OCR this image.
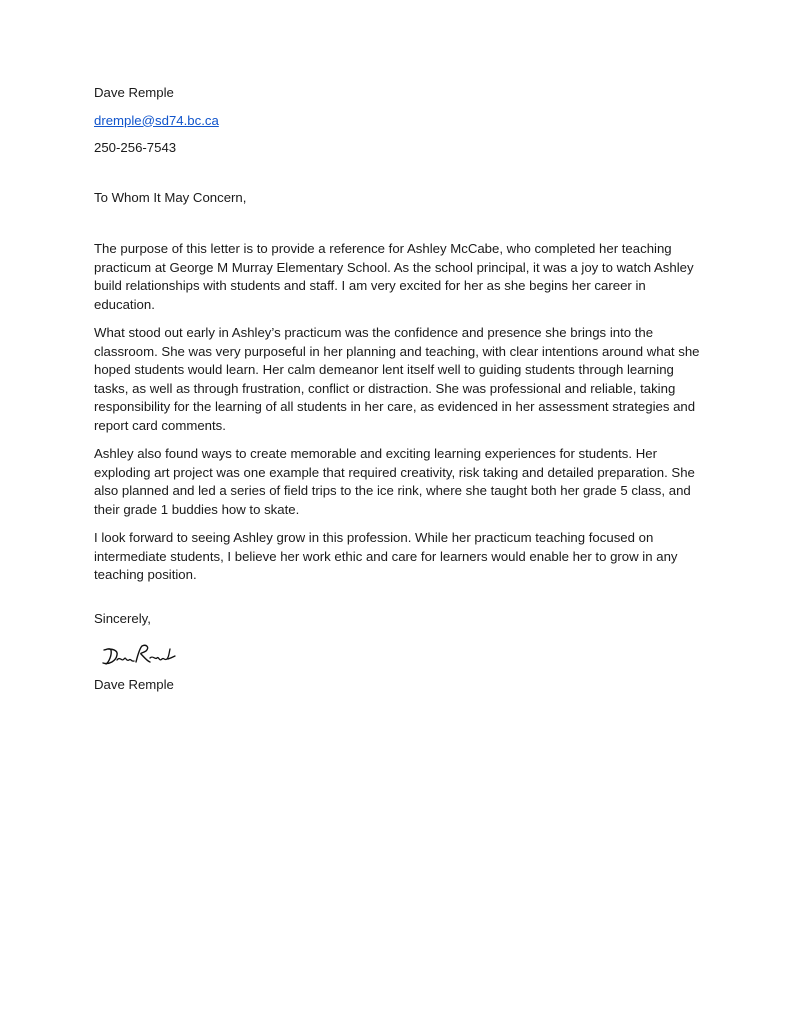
Dave Remple

dremple@sd74.bc.ca

250-256-7543

To Whom It May Concern,

The purpose of this letter is to provide a reference for Ashley McCabe, who completed her teaching

practicum at George M Murray Elementary School. As the school principal, it was a joy to watch Ashley

build relationships with students and staff. I am very excited for her as she begins her career in

education.

What stood out early in Ashley’s practicum was the confidence and presence she brings into the

classroom. She was very purposeful in her planning and teaching, with clear intentions around what she

hoped students would learn. Her calm demeanor lent itself well to guiding students through learning

tasks, as well as through frustration, conflict or distraction. She was professional and reliable, taking

responsibility for the learning of all students in her care, as evidenced in her assessment strategies and

report card comments.

Ashley also found ways to create memorable and exciting learning experiences for students. Her

exploding art project was one example that required creativity, risk taking and detailed preparation. She

also planned and led a series of field trips to the ice rink, where she taught both her grade 5 class, and

their grade 1 buddies how to skate.

I look forward to seeing Ashley grow in this profession. While her practicum teaching focused on

intermediate students, I believe her work ethic and care for learners would enable her to grow in any

teaching position.

Sincerely,

Dave Remple
